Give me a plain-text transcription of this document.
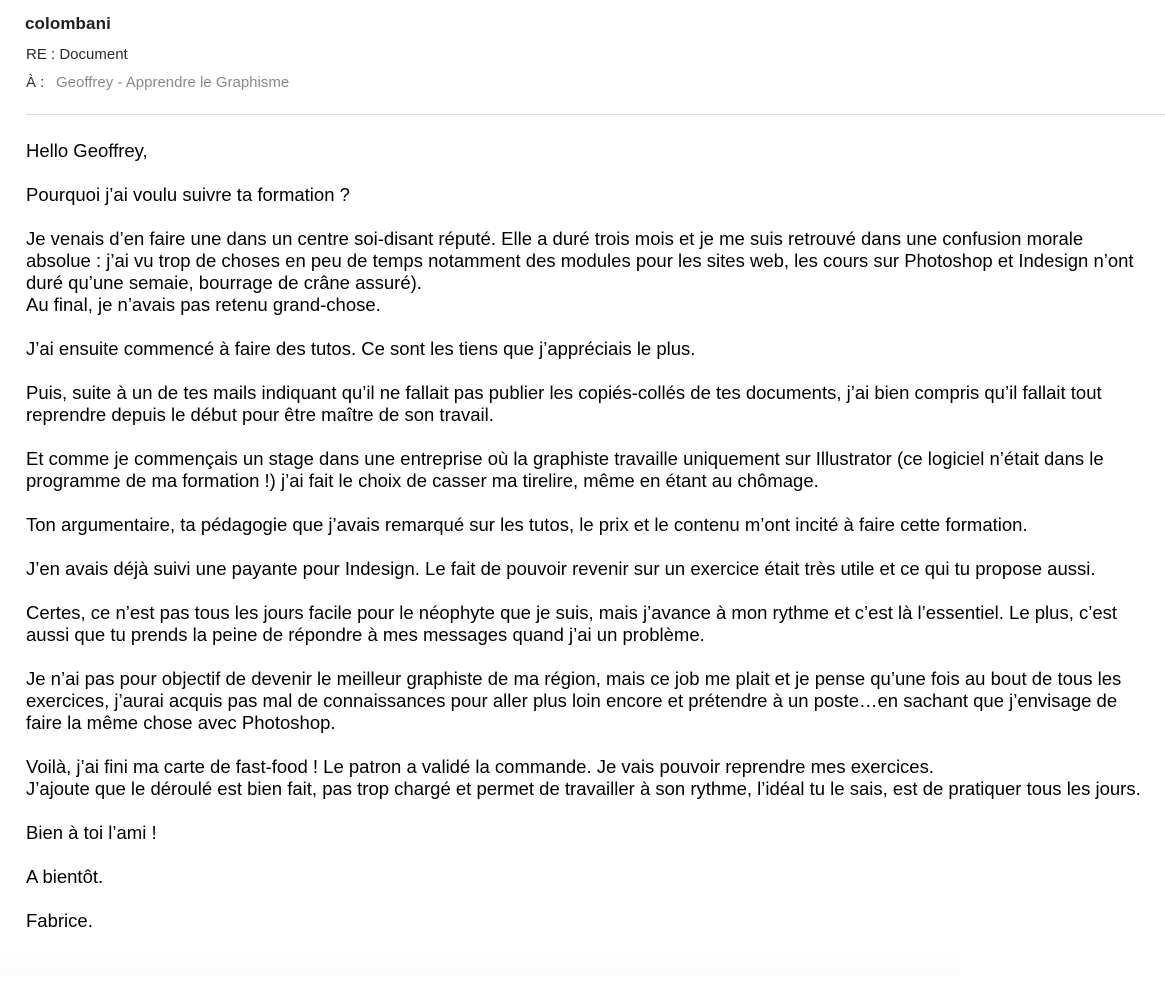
colombani
RE : Document
À : Geoffrey - Apprendre le Graphisme

Hello Geoffrey,

Pourquoi j’ai voulu suivre ta formation ?

Je venais d’en faire une dans un centre soi-disant réputé. Elle a duré trois mois et je me suis retrouvé dans une confusion morale absolue : j’ai vu trop de choses en peu de temps notamment des modules pour les sites web, les cours sur Photoshop et Indesign n’ont duré qu’une semaie, bourrage de crâne assuré).
Au final, je n’avais pas retenu grand-chose.

J’ai ensuite commencé à faire des tutos. Ce sont les tiens que j’appréciais le plus.

Puis, suite à un de tes mails indiquant qu’il ne fallait pas publier les copiés-collés de tes documents, j’ai bien compris qu’il fallait tout reprendre depuis le début pour être maître de son travail.

Et comme je commençais un stage dans une entreprise où la graphiste travaille uniquement sur Illustrator (ce logiciel n’était dans le programme de ma formation !) j’ai fait le choix de casser ma tirelire, même en étant au chômage.

Ton argumentaire, ta pédagogie que j’avais remarqué sur les tutos, le prix et le contenu m’ont incité à faire cette formation.

J’en avais déjà suivi une payante pour Indesign. Le fait de pouvoir revenir sur un exercice était très utile et ce qui tu propose aussi.

Certes, ce n’est pas tous les jours facile pour le néophyte que je suis, mais j’avance à mon rythme et c’est là l’essentiel. Le plus, c’est aussi que tu prends la peine de répondre à mes messages quand j’ai un problème.

Je n’ai pas pour objectif de devenir le meilleur graphiste de ma région, mais ce job me plait et je pense qu’une fois au bout de tous les exercices, j’aurai acquis pas mal de connaissances pour aller plus loin encore et prétendre à un poste…en sachant que j’envisage de faire la même chose avec Photoshop.

Voilà, j’ai fini ma carte de fast-food ! Le patron a validé la commande. Je vais pouvoir reprendre mes exercices.
J’ajoute que le déroulé est bien fait, pas trop chargé et permet de travailler à son rythme, l’idéal tu le sais, est de pratiquer tous les jours.

Bien à toi l’ami !

A bientôt.

Fabrice.
